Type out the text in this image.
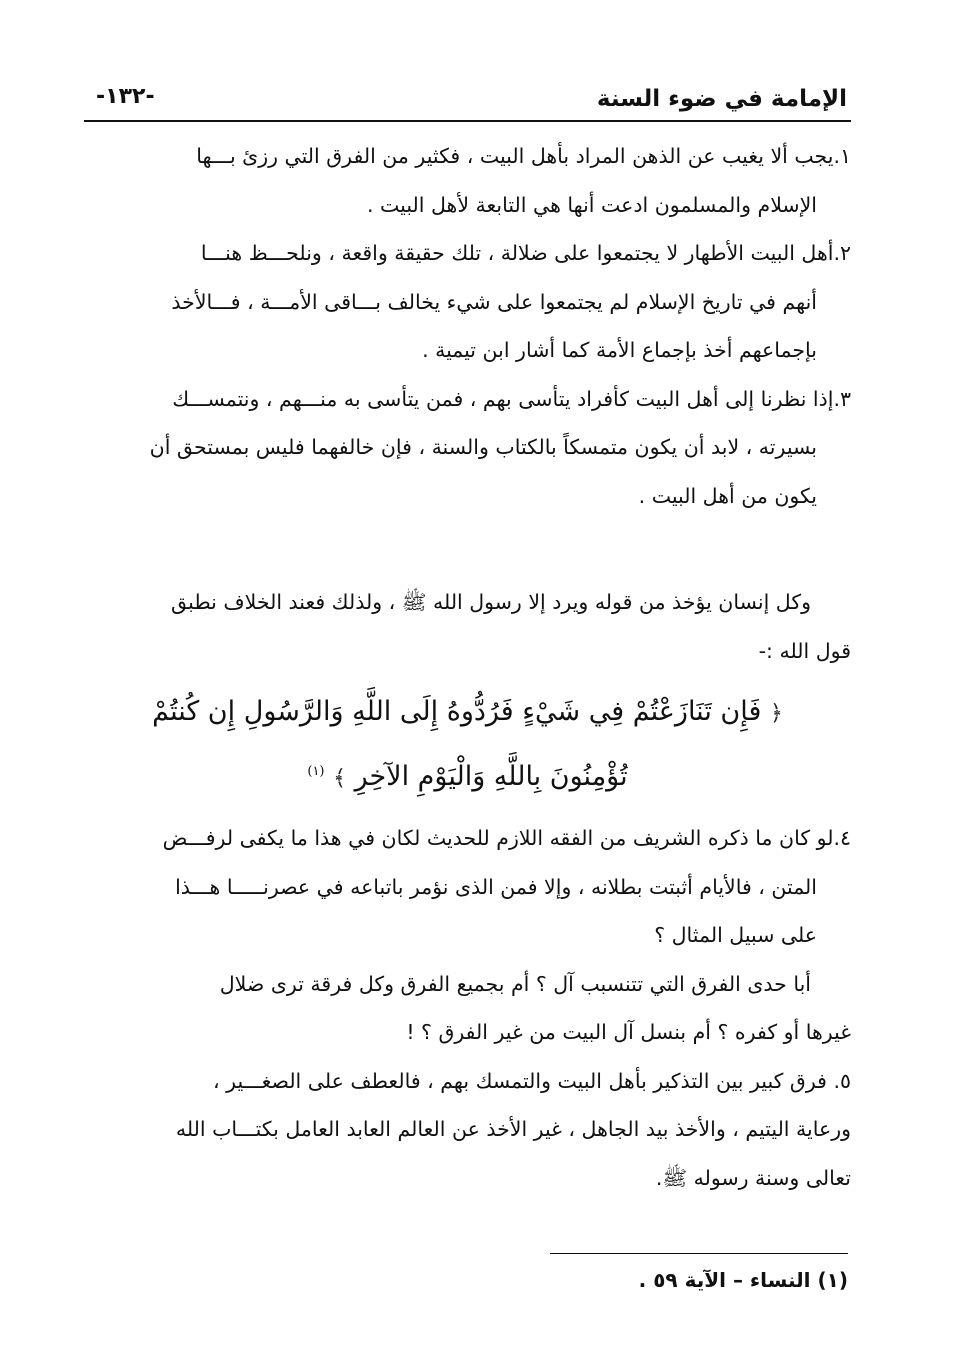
الإمامة في ضوء السنة
-١٣٢-
١.يجب ألا يغيب عن الذهن المراد بأهل البيت ، فكثير من الفرق التي رزئ بـــها
الإسلام والمسلمون ادعت أنها هي التابعة لأهل البيت .
٢.أهل البيت الأطهار لا يجتمعوا على ضلالة ، تلك حقيقة واقعة ، ونلحـــظ هنـــا
أنهم في تاريخ الإسلام لم يجتمعوا على شيء يخالف بـــاقى الأمـــة ، فـــالأخذ
بإجماعهم أخذ بإجماع الأمة كما أشار ابن تيمية .
٣.إذا نظرنا إلى أهل البيت كأفراد يتأسى بهم ، فمن يتأسى به منـــهم ، ونتمســـك
بسيرته ، لابد أن يكون متمسكاً بالكتاب والسنة ، فإن خالفهما فليس بمستحق أن
يكون من أهل البيت .
وكل إنسان يؤخذ من قوله ويرد إلا رسول الله ﷺ ، ولذلك فعند الخلاف نطبق
قول الله :-
﴿ فَإِن تَنَازَعْتُمْ فِي شَيْءٍ فَرُدُّوهُ إِلَى اللَّهِ وَالرَّسُولِ إِن كُنتُمْ
تُؤْمِنُونَ بِاللَّهِ وَالْيَوْمِ الآخِرِ ﴾ $^{(١)}$
٤.لو كان ما ذكره الشريف من الفقه اللازم للحديث لكان في هذا ما يكفى لرفـــض
المتن ، فالأيام أثبتت بطلانه ، وإلا فمن الذى نؤمر باتباعه في عصرنـــــا هـــذا
على سبيل المثال ؟
أبا حدى الفرق التي تتنسبب آل ؟ أم بجميع الفرق وكل فرقة ترى ضلال
غيرها أو كفره ؟ أم بنسل آل البيت من غير الفرق ؟ !
٥. فرق كبير بين التذكير بأهل البيت والتمسك بهم ، فالعطف على الصغـــير ،
ورعاية اليتيم ، والأخذ بيد الجاهل ، غير الأخذ عن العالم العابد العامل بكتـــاب الله
تعالى وسنة رسوله ﷺ.
(١) النساء – الآية ٥٩ .
